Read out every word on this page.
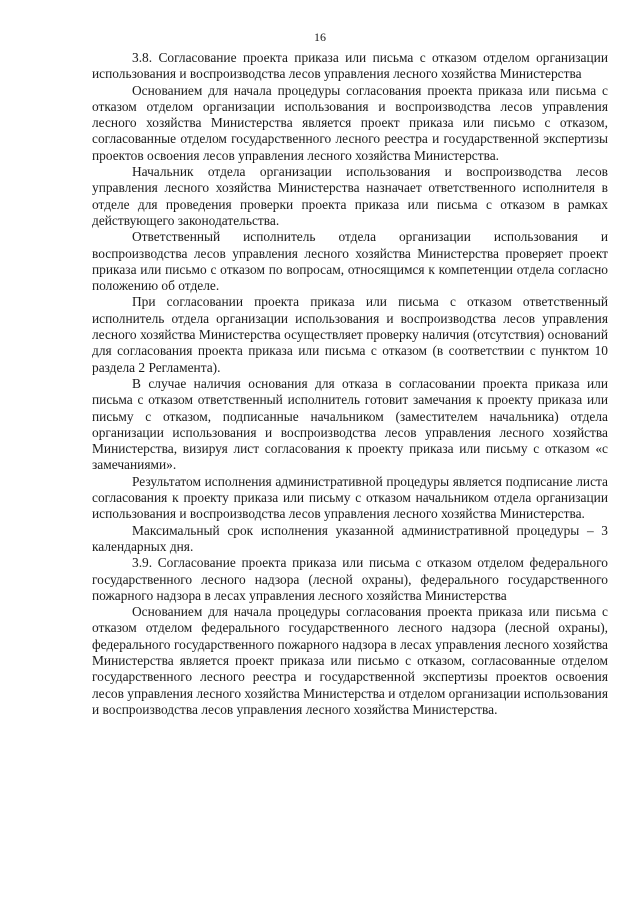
16

3.8. Согласование проекта приказа или письма с отказом отделом организации использования и воспроизводства лесов управления лесного хозяйства Министерства

Основанием для начала процедуры согласования проекта приказа или письма с отказом отделом организации использования и воспроизводства лесов управления лесного хозяйства Министерства является проект приказа или письмо с отказом, согласованные отделом государственного лесного реестра и государственной экспертизы проектов освоения лесов управления лесного хозяйства Министерства.

Начальник отдела организации использования и воспроизводства лесов управления лесного хозяйства Министерства назначает ответственного исполнителя в отделе для проведения проверки проекта приказа или письма с отказом в рамках действующего законодательства.

Ответственный исполнитель отдела организации использования и воспроизводства лесов управления лесного хозяйства Министерства проверяет проект приказа или письмо с отказом по вопросам, относящимся к компетенции отдела согласно положению об отделе.

При согласовании проекта приказа или письма с отказом ответственный исполнитель отдела организации использования и воспроизводства лесов управления лесного хозяйства Министерства осуществляет проверку наличия (отсутствия) оснований для согласования проекта приказа или письма с отказом (в соответствии с пунктом 10 раздела 2 Регламента).

В случае наличия основания для отказа в согласовании проекта приказа или письма с отказом ответственный исполнитель готовит замечания к проекту приказа или письму с отказом, подписанные начальником (заместителем начальника) отдела организации использования и воспроизводства лесов управления лесного хозяйства Министерства, визируя лист согласования к проекту приказа или письму с отказом «с замечаниями».

Результатом исполнения административной процедуры является подписание листа согласования к проекту приказа или письму с отказом начальником отдела организации использования и воспроизводства лесов управления лесного хозяйства Министерства.

Максимальный срок исполнения указанной административной процедуры – 3 календарных дня.

3.9. Согласование проекта приказа или письма с отказом отделом федерального государственного лесного надзора (лесной охраны), федерального государственного пожарного надзора в лесах управления лесного хозяйства Министерства

Основанием для начала процедуры согласования проекта приказа или письма с отказом отделом федерального государственного лесного надзора (лесной охраны), федерального государственного пожарного надзора в лесах управления лесного хозяйства Министерства является проект приказа или письмо с отказом, согласованные отделом государственного лесного реестра и государственной экспертизы проектов освоения лесов управления лесного хозяйства Министерства и отделом организации использования и воспроизводства лесов управления лесного хозяйства Министерства.
